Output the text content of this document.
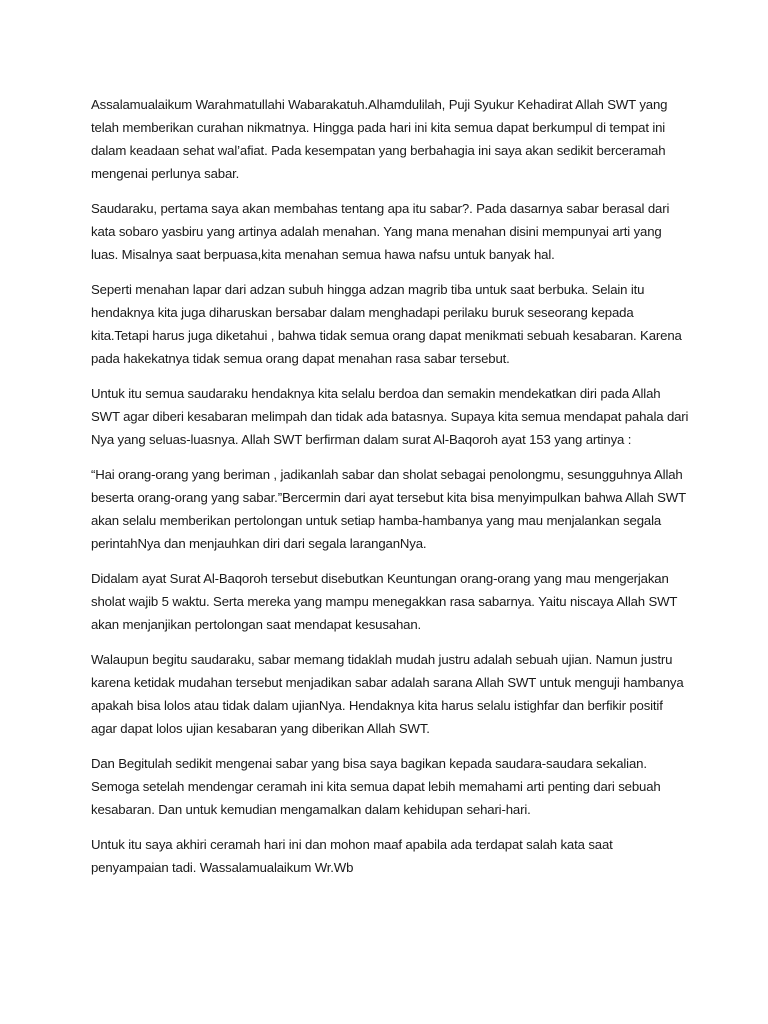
Assalamualaikum Warahmatullahi Wabarakatuh.Alhamdulilah, Puji Syukur Kehadirat Allah SWT yang telah memberikan curahan nikmatnya. Hingga pada hari ini kita semua dapat berkumpul di tempat ini dalam keadaan sehat wal’afiat. Pada kesempatan yang berbahagia ini saya akan sedikit berceramah mengenai perlunya sabar.

Saudaraku, pertama saya akan membahas tentang apa itu sabar?. Pada dasarnya sabar berasal dari kata sobaro yasbiru yang artinya adalah menahan. Yang mana menahan disini mempunyai arti yang luas. Misalnya saat berpuasa,kita menahan semua hawa nafsu untuk banyak hal.

Seperti menahan lapar dari adzan subuh hingga adzan magrib tiba untuk saat berbuka. Selain itu hendaknya kita juga diharuskan bersabar dalam menghadapi perilaku buruk seseorang kepada kita.Tetapi harus juga diketahui , bahwa tidak semua orang dapat menikmati sebuah kesabaran. Karena pada hakekatnya tidak semua orang dapat menahan rasa sabar tersebut.

Untuk itu semua saudaraku hendaknya kita selalu berdoa dan semakin mendekatkan diri pada Allah SWT agar diberi kesabaran melimpah dan tidak ada batasnya. Supaya kita semua mendapat pahala dari Nya yang seluas-luasnya. Allah SWT berfirman dalam surat Al-Baqoroh ayat 153 yang artinya :

“Hai orang-orang yang beriman , jadikanlah sabar dan sholat sebagai penolongmu, sesungguhnya Allah beserta orang-orang yang sabar.”Bercermin dari ayat tersebut kita bisa menyimpulkan bahwa Allah SWT akan selalu memberikan pertolongan untuk setiap hamba-hambanya yang mau menjalankan segala perintahNya dan menjauhkan diri dari segala laranganNya.

Didalam ayat Surat Al-Baqoroh tersebut disebutkan Keuntungan orang-orang yang mau mengerjakan sholat wajib 5 waktu. Serta mereka yang mampu menegakkan rasa sabarnya. Yaitu niscaya Allah SWT akan menjanjikan pertolongan saat mendapat kesusahan.

Walaupun begitu saudaraku, sabar memang tidaklah mudah justru adalah sebuah ujian. Namun justru karena ketidak mudahan tersebut menjadikan sabar adalah sarana Allah SWT untuk menguji hambanya apakah bisa lolos atau tidak dalam ujianNya. Hendaknya kita harus selalu istighfar dan berfikir positif agar dapat lolos ujian kesabaran yang diberikan Allah SWT.

Dan Begitulah sedikit mengenai sabar yang bisa saya bagikan kepada saudara-saudara sekalian. Semoga setelah mendengar ceramah ini kita semua dapat lebih memahami arti penting dari sebuah kesabaran. Dan untuk kemudian mengamalkan dalam kehidupan sehari-hari.

Untuk itu saya akhiri ceramah hari ini dan mohon maaf apabila ada terdapat salah kata saat penyampaian tadi. Wassalamualaikum Wr.Wb
